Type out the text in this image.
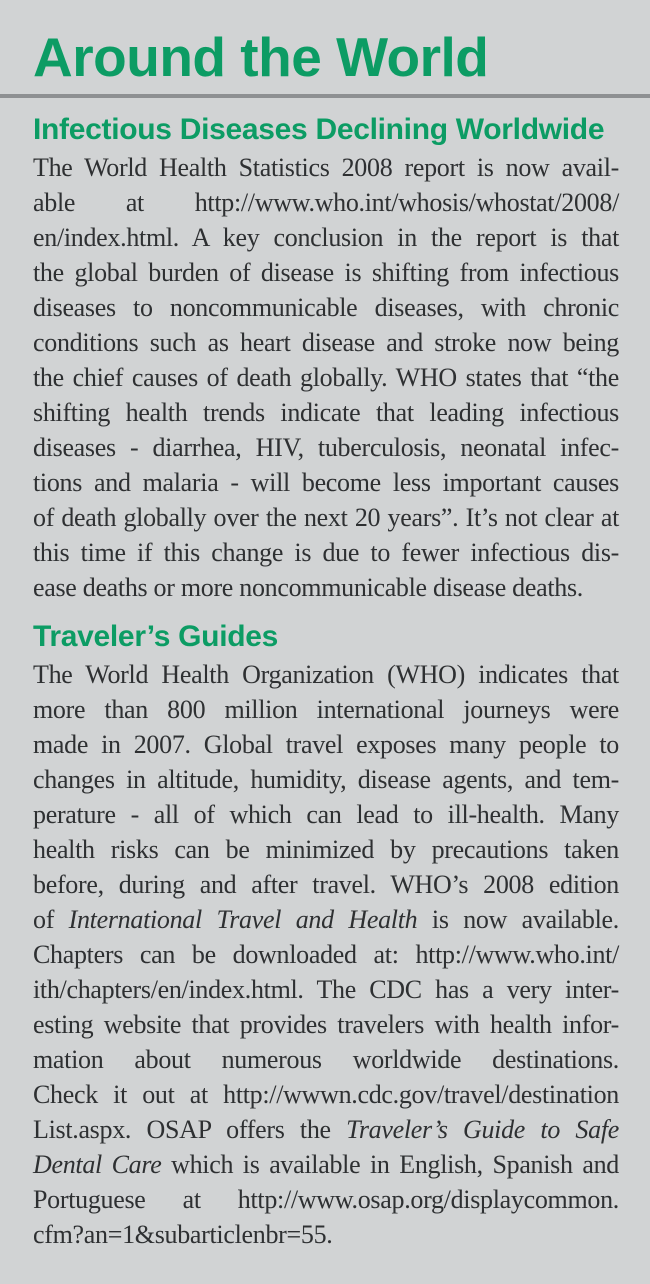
Around the World
Infectious Diseases Declining Worldwide
The World Health Statistics 2008 report is now avail-
able at http://www.who.int/whosis/whostat/2008/
en/index.html. A key conclusion in the report is that
the global burden of disease is shifting from infectious
diseases to noncommunicable diseases, with chronic
conditions such as heart disease and stroke now being
the chief causes of death globally. WHO states that “the
shifting health trends indicate that leading infectious
diseases - diarrhea, HIV, tuberculosis, neonatal infec-
tions and malaria - will become less important causes
of death globally over the next 20 years”. It’s not clear at
this time if this change is due to fewer infectious dis-
ease deaths or more noncommunicable disease deaths.
Traveler’s Guides
The World Health Organization (WHO) indicates that
more than 800 million international journeys were
made in 2007. Global travel exposes many people to
changes in altitude, humidity, disease agents, and tem-
perature - all of which can lead to ill-health. Many
health risks can be minimized by precautions taken
before, during and after travel. WHO’s 2008 edition
of International Travel and Health is now available.
Chapters can be downloaded at: http://www.who.int/
ith/chapters/en/index.html. The CDC has a very inter-
esting website that provides travelers with health infor-
mation about numerous worldwide destinations.
Check it out at http://wwwn.cdc.gov/travel/destination
List.aspx. OSAP offers the Traveler’s Guide to Safe
Dental Care which is available in English, Spanish and
Portuguese at http://www.osap.org/displaycommon.
cfm?an=1&subarticlenbr=55.
